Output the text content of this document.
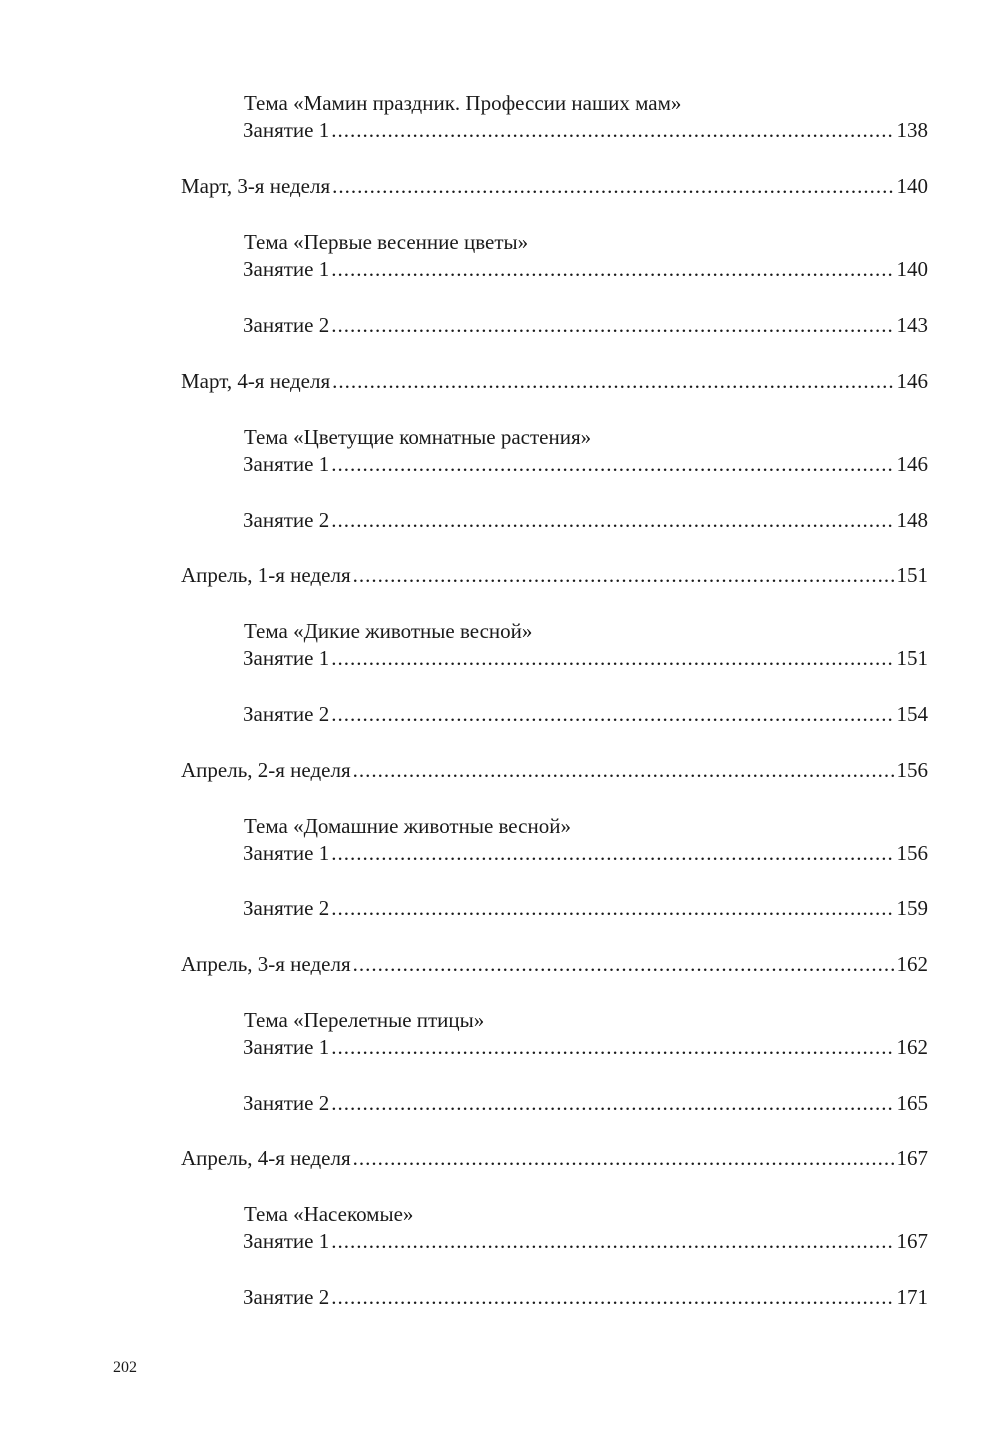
Тема «Мамин праздник. Профессии наших мам»
Занятие 1 .....	138
Март, 3-я неделя .....	140
Тема «Первые весенние цветы»
Занятие 1 .....	140
Занятие 2 .....	143
Март, 4-я неделя .....	146
Тема «Цветущие комнатные растения»
Занятие 1 .....	146
Занятие 2 .....	148
Апрель, 1-я неделя .....	151
Тема «Дикие животные весной»
Занятие 1 .....	151
Занятие 2 .....	154
Апрель, 2-я неделя .....	156
Тема «Домашние животные весной»
Занятие 1 .....	156
Занятие 2 .....	159
Апрель, 3-я неделя .....	162
Тема «Перелетные птицы»
Занятие 1 .....	162
Занятие 2 .....	165
Апрель, 4-я неделя .....	167
Тема «Насекомые»
Занятие 1 .....	167
Занятие 2 .....	171
202
